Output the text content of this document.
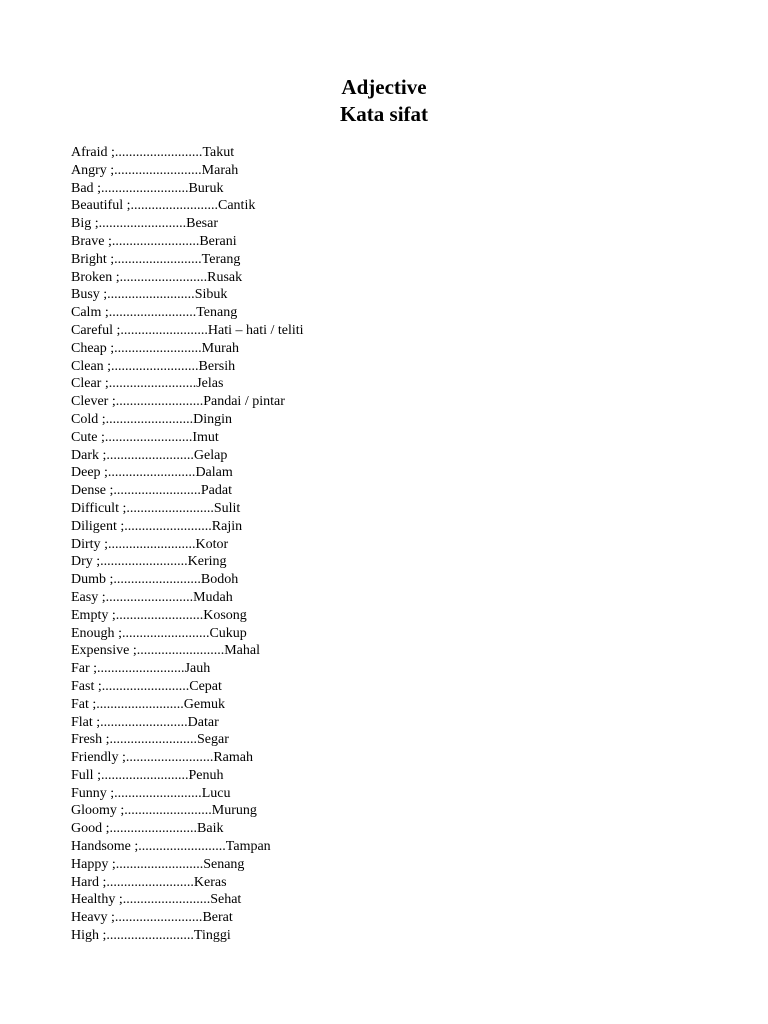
Adjective
Kata sifat
Afraid ;.........................Takut
Angry ;.........................Marah
Bad ;.........................Buruk
Beautiful ;.........................Cantik
Big ;.........................Besar
Brave ;.........................Berani
Bright ;.........................Terang
Broken ;.........................Rusak
Busy ;.........................Sibuk
Calm ;.........................Tenang
Careful ;.........................Hati – hati / teliti
Cheap ;.........................Murah
Clean ;.........................Bersih
Clear ;.........................Jelas
Clever ;.........................Pandai / pintar
Cold ;.........................Dingin
Cute ;.........................Imut
Dark ;.........................Gelap
Deep ;.........................Dalam
Dense ;.........................Padat
Difficult ;.........................Sulit
Diligent ;.........................Rajin
Dirty ;.........................Kotor
Dry ;.........................Kering
Dumb ;.........................Bodoh
Easy ;.........................Mudah
Empty ;.........................Kosong
Enough ;.........................Cukup
Expensive ;.........................Mahal
Far ;.........................Jauh
Fast ;.........................Cepat
Fat ;.........................Gemuk
Flat ;.........................Datar
Fresh ;.........................Segar
Friendly ;.........................Ramah
Full ;.........................Penuh
Funny ;.........................Lucu
Gloomy ;.........................Murung
Good ;.........................Baik
Handsome ;.........................Tampan
Happy ;.........................Senang
Hard ;.........................Keras
Healthy ;.........................Sehat
Heavy ;.........................Berat
High ;.........................Tinggi
